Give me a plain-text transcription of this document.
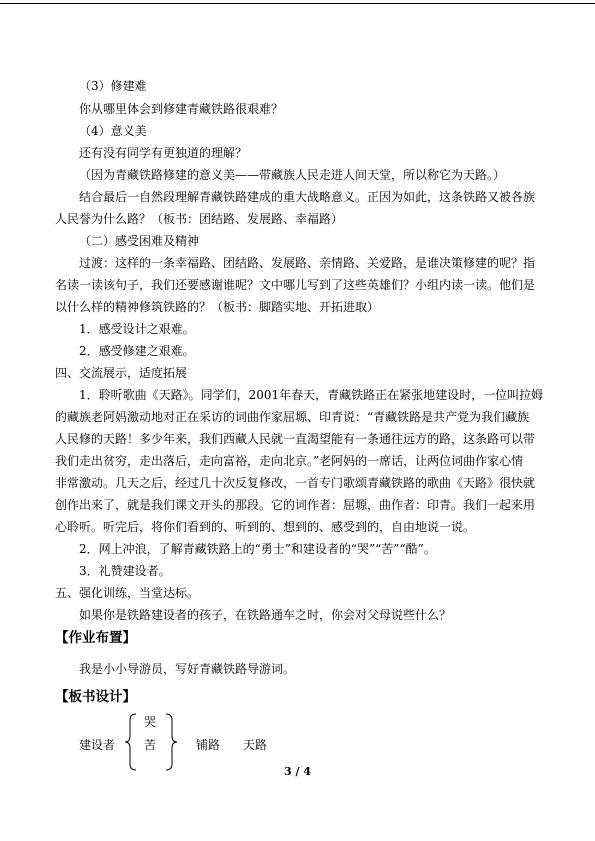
（3）修建难
你从哪里体会到修建青藏铁路很艰难？
（4）意义美
还有没有同学有更独道的理解？
（因为青藏铁路修建的意义美——带藏族人民走进人间天堂，所以称它为天路。）
结合最后一自然段理解青藏铁路建成的重大战略意义。正因为如此，这条铁路又被各族
人民誉为什么路？（板书：团结路、发展路、幸福路）
（二）感受困难及精神
过渡：这样的一条幸福路、团结路、发展路、亲情路、关爱路，是谁决策修建的呢？指
名读一读该句子，我们还要感谢谁呢？文中哪儿写到了这些英雄们？小组内读一读。他们是
以什么样的精神修筑铁路的？（板书：脚踏实地、开拓进取）
1．感受设计之艰难。
2．感受修建之艰难。
四、交流展示，适度拓展
1．聆听歌曲《天路》。同学们，2001年春天，青藏铁路正在紧张地建设时，一位叫拉姆
的藏族老阿妈激动地对正在采访的词曲作家屈塬、印青说：“青藏铁路是共产党为我们藏族
人民修的天路！多少年来，我们西藏人民就一直渴望能有一条通往远方的路，这条路可以带
我们走出贫穷，走出落后，走向富裕，走向北京。”老阿妈的一席话，让两位词曲作家心情
非常激动。几天之后，经过几十次反复修改，一首专门歌颂青藏铁路的歌曲《天路》很快就
创作出来了，就是我们课文开头的那段。它的词作者：屈塬，曲作者：印青。我们一起来用
心聆听。听完后，将你们看到的、听到的、想到的、感受到的，自由地说一说。
2．网上冲浪，了解青藏铁路上的“勇士”和建设者的“哭”“苦”“酷”。
3．礼赞建设者。
五、强化训练，当堂达标。
如果你是铁路建设者的孩子，在铁路通车之时，你会对父母说些什么？
【作业布置】
我是小小导游员，写好青藏铁路导游词。
【板书设计】
建设者
哭
苦	铺路 天路
3 / 4
